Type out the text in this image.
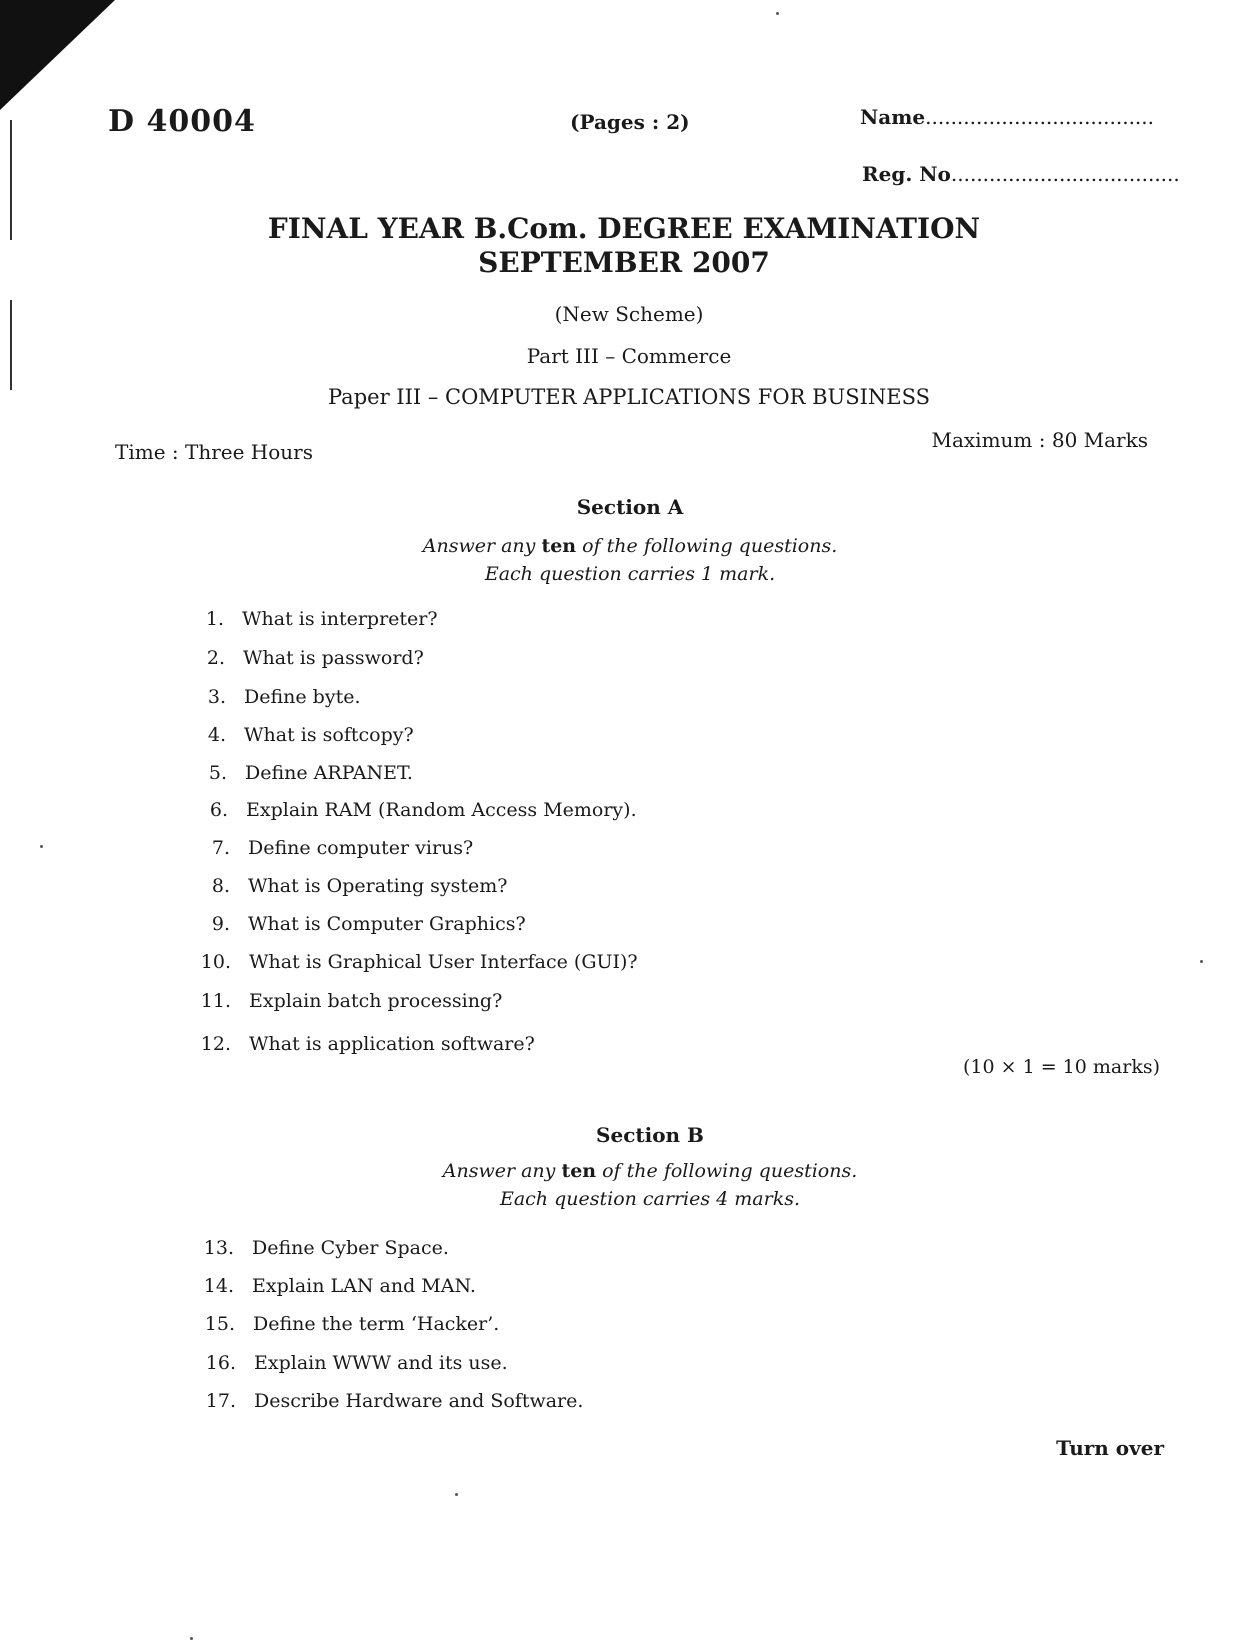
D 40004	(Pages : 2)	Name....................................
Reg. No....................................
FINAL YEAR B.Com. DEGREE EXAMINATION
SEPTEMBER 2007
(New Scheme)
Part III – Commerce
Paper III – COMPUTER APPLICATIONS FOR BUSINESS
Time : Three Hours	Maximum : 80 Marks
Section A
Answer any ten of the following questions.
Each question carries 1 mark.
1. What is interpreter?
2. What is password?
3. Define byte.
4. What is softcopy?
5. Define ARPANET.
6. Explain RAM (Random Access Memory).
7. Define computer virus?
8. What is Operating system?
9. What is Computer Graphics?
10. What is Graphical User Interface (GUI)?
11. Explain batch processing?
12. What is application software?
(10 × 1 = 10 marks)
Section B
Answer any ten of the following questions.
Each question carries 4 marks.
13. Define Cyber Space.
14. Explain LAN and MAN.
15. Define the term ‘Hacker’.
16. Explain WWW and its use.
17. Describe Hardware and Software.
Turn over
